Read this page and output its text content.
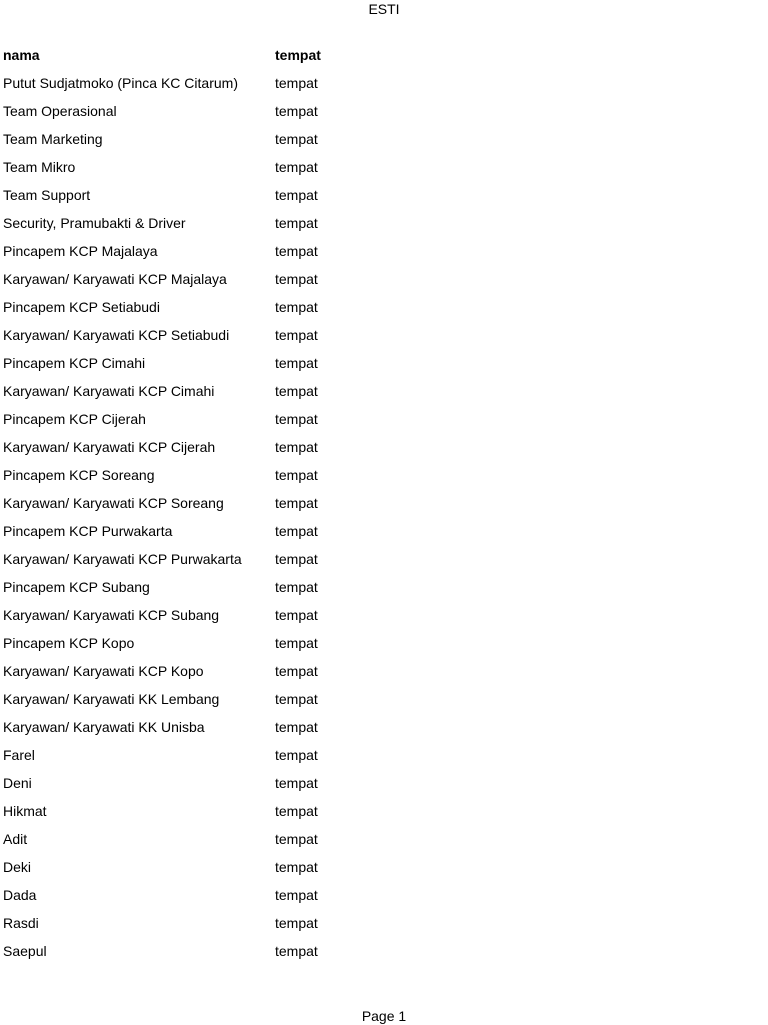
ESTI
nama	tempat
Putut Sudjatmoko (Pinca KC Citarum)	tempat
Team Operasional	tempat
Team Marketing	tempat
Team Mikro	tempat
Team Support	tempat
Security, Pramubakti & Driver	tempat
Pincapem KCP Majalaya	tempat
Karyawan/ Karyawati KCP Majalaya	tempat
Pincapem KCP Setiabudi	tempat
Karyawan/ Karyawati KCP Setiabudi	tempat
Pincapem KCP Cimahi	tempat
Karyawan/ Karyawati KCP Cimahi	tempat
Pincapem KCP Cijerah	tempat
Karyawan/ Karyawati KCP Cijerah	tempat
Pincapem KCP Soreang	tempat
Karyawan/ Karyawati KCP Soreang	tempat
Pincapem KCP Purwakarta	tempat
Karyawan/ Karyawati KCP Purwakarta	tempat
Pincapem KCP Subang	tempat
Karyawan/ Karyawati KCP Subang	tempat
Pincapem KCP Kopo	tempat
Karyawan/ Karyawati KCP Kopo	tempat
Karyawan/ Karyawati KK Lembang	tempat
Karyawan/ Karyawati KK Unisba	tempat
Farel	tempat
Deni	tempat
Hikmat	tempat
Adit	tempat
Deki	tempat
Dada	tempat
Rasdi	tempat
Saepul	tempat
Page 1
